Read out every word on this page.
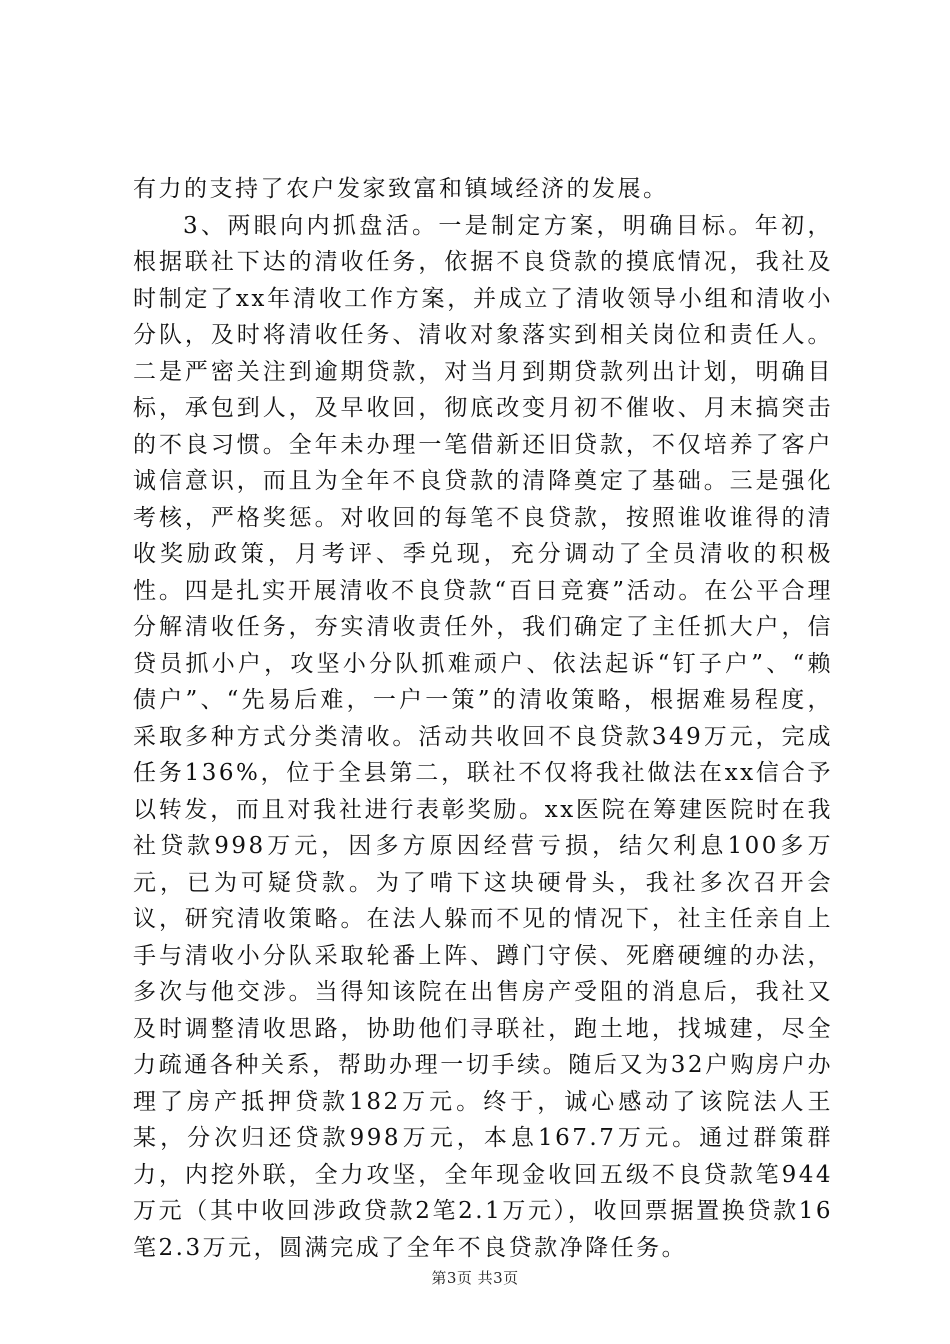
有力的支持了农户发家致富和镇域经济的发展。

3、两眼向内抓盘活。一是制定方案，明确目标。年初，根据联社下达的清收任务，依据不良贷款的摸底情况，我社及时制定了xx年清收工作方案，并成立了清收领导小组和清收小分队，及时将清收任务、清收对象落实到相关岗位和责任人。二是严密关注到逾期贷款，对当月到期贷款列出计划，明确目标，承包到人，及早收回，彻底改变月初不催收、月末搞突击的不良习惯。全年未办理一笔借新还旧贷款，不仅培养了客户诚信意识，而且为全年不良贷款的清降奠定了基础。三是强化考核，严格奖惩。对收回的每笔不良贷款，按照谁收谁得的清收奖励政策，月考评、季兑现，充分调动了全员清收的积极性。四是扎实开展清收不良贷款“百日竞赛”活动。在公平合理分解清收任务，夯实清收责任外，我们确定了主任抓大户，信贷员抓小户，攻坚小分队抓难顽户、依法起诉“钉子户”、“赖债户”、“先易后难，一户一策”的清收策略，根据难易程度，采取多种方式分类清收。活动共收回不良贷款349万元，完成任务136%，位于全县第二，联社不仅将我社做法在xx信合予以转发，而且对我社进行表彰奖励。xx医院在筹建医院时在我社贷款998万元，因多方原因经营亏损，结欠利息100多万元，已为可疑贷款。为了啃下这块硬骨头，我社多次召开会议，研究清收策略。在法人躲而不见的情况下，社主任亲自上手与清收小分队采取轮番上阵、蹲门守侯、死磨硬缠的办法，多次与他交涉。当得知该院在出售房产受阻的消息后，我社又及时调整清收思路，协助他们寻联社，跑土地，找城建，尽全力疏通各种关系，帮助办理一切手续。随后又为32户购房户办理了房产抵押贷款182万元。终于，诚心感动了该院法人王某，分次归还贷款998万元，本息167.7万元。通过群策群力，内挖外联，全力攻坚，全年现金收回五级不良贷款笔944万元（其中收回涉政贷款2笔2.1万元），收回票据置换贷款16笔2.3万元，圆满完成了全年不良贷款净降任务。

第3页 共3页
